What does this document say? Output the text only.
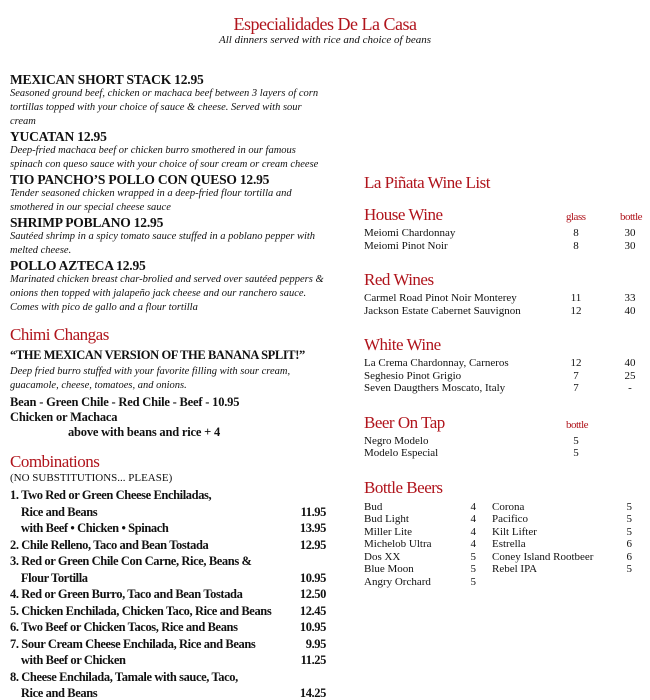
Especialidades De La Casa
All dinners served with rice and choice of beans
MEXICAN SHORT STACK 12.95
Seasoned ground beef, chicken or machaca beef between 3 layers of corn tortillas topped with your choice of sauce & cheese. Served with sour cream
YUCATAN 12.95
Deep-fried machaca beef or chicken burro smothered in our famous spinach con queso sauce with your choice of sour cream or cream cheese
TIO PANCHO’S POLLO CON QUESO 12.95
Tender seasoned chicken wrapped in a deep-fried flour tortilla and smothered in our special cheese sauce
SHRIMP POBLANO 12.95
Sautéed shrimp in a spicy tomato sauce stuffed in a poblano pepper with melted cheese.
POLLO AZTECA 12.95
Marinated chicken breast char-brolied and served over sautéed peppers & onions then topped with jalapeño jack cheese and our ranchero sauce. Comes with pico de gallo and a flour tortilla
Chimi Changas
“THE MEXICAN VERSION OF THE BANANA SPLIT!”
Deep fried burro stuffed with your favorite filling with sour cream, guacamole, cheese, tomatoes, and onions.
Bean - Green Chile - Red Chile - Beef - 10.95
Chicken or Machaca
above with beans and rice + 4
Combinations
(NO SUBSTITUTIONS... PLEASE)
1. Two Red or Green Cheese Enchiladas,
Rice and Beans	11.95
with Beef • Chicken • Spinach	13.95
2. Chile Relleno, Taco and Bean Tostada	12.95
3. Red or Green Chile Con Carne, Rice, Beans &
Flour Tortilla	10.95
4. Red or Green Burro, Taco and Bean Tostada	12.50
5. Chicken Enchilada, Chicken Taco, Rice and Beans	12.45
6. Two Beef or Chicken Tacos, Rice and Beans	10.95
7. Sour Cream Cheese Enchilada, Rice and Beans	9.95
with Beef or Chicken	11.25
8. Cheese Enchilada, Tamale with sauce, Taco,
Rice and Beans	14.25
La Piñata Wine List
House Wine	glass	bottle
Meiomi Chardonnay	8	30
Meiomi Pinot Noir	8	30
Red Wines
Carmel Road Pinot Noir Monterey	11	33
Jackson Estate Cabernet Sauvignon	12	40
White Wine
La Crema Chardonnay, Carneros	12	40
Seghesio Pinot Grigio	7	25
Seven Daugthers Moscato, Italy	7	-
Beer On Tap	bottle
Negro Modelo	5
Modelo Especial	5
Bottle Beers
Bud	4
Bud Light	4
Miller Lite	4
Michelob Ultra	4
Dos XX	5
Blue Moon	5
Angry Orchard	5
Corona	5
Pacifico	5
Kilt Lifter	5
Estrella	6
Coney Island Rootbeer	6
Rebel IPA	5
